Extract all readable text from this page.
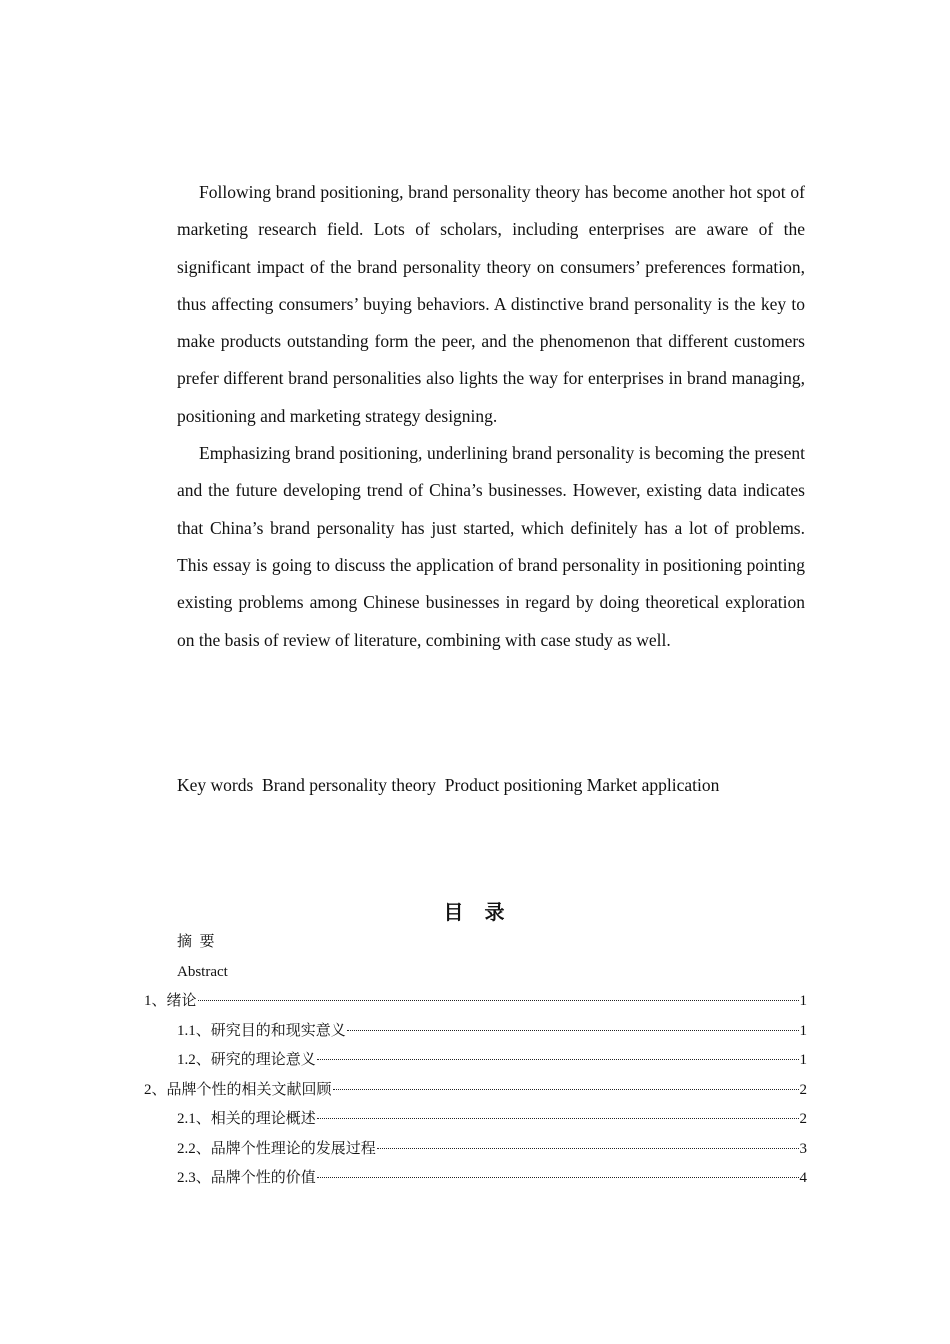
Following brand positioning, brand personality theory has become another hot spot of marketing research field. Lots of scholars, including enterprises are aware of the significant impact of the brand personality theory on consumers’ preferences formation, thus affecting consumers’ buying behaviors. A distinctive brand personality is the key to make products outstanding form the peer, and the phenomenon that different customers prefer different brand personalities also lights the way for enterprises in brand managing, positioning and marketing strategy designing.

Emphasizing brand positioning, underlining brand personality is becoming the present and the future developing trend of China’s businesses. However, existing data indicates that China’s brand personality has just started, which definitely has a lot of problems. This essay is going to discuss the application of brand personality in positioning pointing existing problems among Chinese businesses in regard by doing theoretical exploration on the basis of review of literature, combining with case study as well.

Key words  Brand personality theory  Product positioning Market application
目 录
摘  要
Abstract
1、绪论	1
1.1、研究目的和现实意义	1
1.2、研究的理论意义	1
2、品牌个性的相关文献回顾	2
2.1、相关的理论概述	2
2.2、品牌个性理论的发展过程	3
2.3、品牌个性的价值	4
